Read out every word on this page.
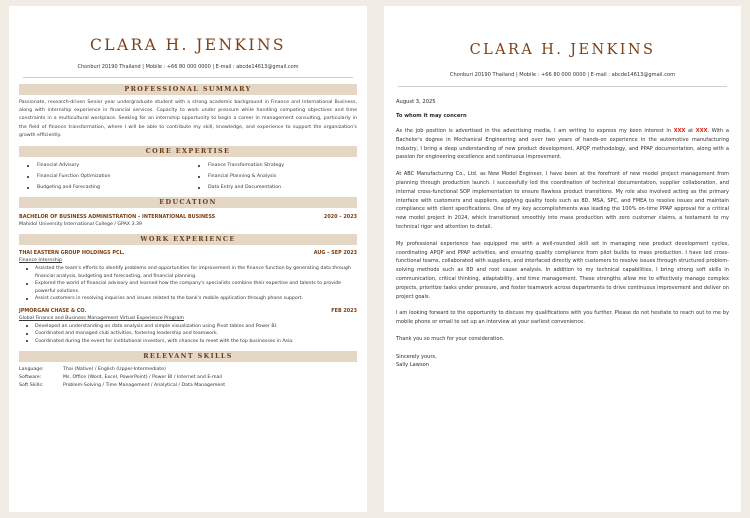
CLARA H. JENKINS
Chonburi 20190 Thailand | Mobile : +66 80 000 0000 | E-mail : abcde14613@gmail.com
PROFESSIONAL SUMMARY
Passionate, research-driven Senior year undergraduate student with a strong academic background in Finance and International Business, along with internship experience in financial services. Capacity to work under pressure while handling competing objectives and time constraints in a multicultural workplace. Seeking for an internship opportunity to begin a career in management consulting, particularly in the field of finance transformation, where I will be able to contribute my skill, knowledge, and experience to support the organization's growth efficiently.
CORE EXPERTISE
Financial Advisory	Finance Transformation Strategy
Financial Function Optimization	Financial Planning & Analysis
Budgeting and Forecasting	Data Entry and Documentation
EDUCATION
BACHELOR OF BUSINESS ADMINISTRATION – INTERNATIONAL BUSINESS	2020 – 2023
Mahidol University International College / GPAX 3.39
WORK EXPERIENCE
THAI EASTERN GROUP HOLDINGS PCL.	AUG – SEP 2023
Finance Internship
Assisted the team's efforts to identify problems and opportunities for improvement in the finance function by generating data through financial analysis, budgeting and forecasting, and financial planning.
Explored the world of financial advisory and learned how the company's specialists combine their expertise and talents to provide powerful solutions.
Assist customers in resolving inquiries and issues related to the bank's mobile application through phone support.
JPMORGAN CHASE & CO.	FEB 2023
Global Finance and Business Management Virtual Experience Program
Developed an understanding on data analysis and simple visualization using Pivot tables and Power BI.
Coordinated and managed club activities, fostering leadership and teamwork.
Coordinated during the event for institutional investors, with chances to meet with the top businesses in Asia.
RELEVANT SKILLS
Language:	Thai (Native) / English (Upper-Intermediate)
Software:	Ms. Office (Word, Excel, PowerPoint) / Power BI / Internet and E-mail
Soft Skills:	Problem-Solving / Time Management / Analytical / Data Management
CLARA H. JENKINS
Chonburi 20190 Thailand | Mobile : +66 80 000 0000 | E-mail : abcde14613@gmail.com
August 3, 2025
To whom it may concern
As the job position is advertised in the advertising media, I am writing to express my keen interest in XXX at XXX. With a Bachelor's degree in Mechanical Engineering and over two years of hands-on experience in the automotive manufacturing industry, I bring a deep understanding of new product development, APQP methodology, and PPAP documentation, along with a passion for engineering excellence and continuous improvement.
At ABC Manufacturing Co., Ltd. as New Model Engineer, I have been at the forefront of new model project management from planning through production launch. I successfully led the coordination of technical documentation, supplier collaboration, and internal cross-functional SOP implementation to ensure flawless product transitions. My role also involved acting as the primary interface with customers and suppliers, applying quality tools such as 8D, MSA, SPC, and FMEA to resolve issues and maintain compliance with client specifications. One of my key accomplishments was leading the 100% on-time PPAP approval for a critical new model project in 2024, which transitioned smoothly into mass production with zero customer claims, a testament to my technical rigor and attention to detail.
My professional experience has equipped me with a well-rounded skill set in managing new product development cycles, coordinating APQP and PPAP activities, and ensuring quality compliance from pilot builds to mass production. I have led cross-functional teams, collaborated with suppliers, and interfaced directly with customers to resolve issues through structured problem-solving methods such as 8D and root cause analysis. In addition to my technical capabilities, I bring strong soft skills in communication, critical thinking, adaptability, and time management. These strengths allow me to effectively manage complex projects, prioritize tasks under pressure, and foster teamwork across departments to drive continuous improvement and deliver on project goals.
I am looking forward to the opportunity to discuss my qualifications with you further. Please do not hesitate to reach out to me by mobile phone or email to set up an interview at your earliest convenience.
Thank you so much for your consideration.
Sincerely yours,
Sally Lawson
